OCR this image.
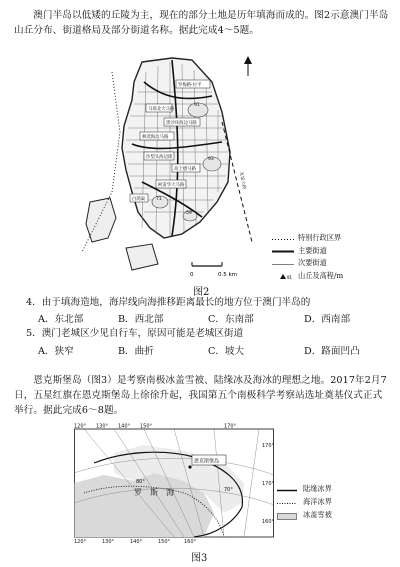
澳门半岛以低矮的丘陵为主，现在的部分土地是历年填海而成的。图2示意澳门半岛山丘分布、街道格局及部分街道名称。据此完成4～5题。
罗梅路·拉平
马场北大马路
黑沙环海边马路
林茂海边马路
沙梨头海边街
高士德马路
柯雷华大马路
白鸽巢
友谊大桥
91
93
71
59
0	0.5 km
特别行政区界
主要街道
次要街道
91 山丘及高程/m
图2
4．由于填海造地，海岸线向海推移距离最长的地方位于澳门半岛的
A．东北部	B．西北部	C．东南部	D．西南部
5．澳门老城区少见自行车，原因可能是老城区街道
A．狭窄	B．曲折	C．坡大	D．路面凹凸
恩克斯堡岛（图3）是考察南极冰盖雪被、陆缘冰及海冰的理想之地。2017年2月7日，五星红旗在恩克斯堡岛上徐徐升起，我国第五个南极科学考察站选址奠基仪式正式举行。据此完成6～8题。
恩克斯堡岛
罗斯海
80°
70°
170°
170°
160°
170°
120° 130° 140° 150°
120°	130°	140°	150°	160°
陆缘冰界
海洋冰界
冰盖雪被
图3
